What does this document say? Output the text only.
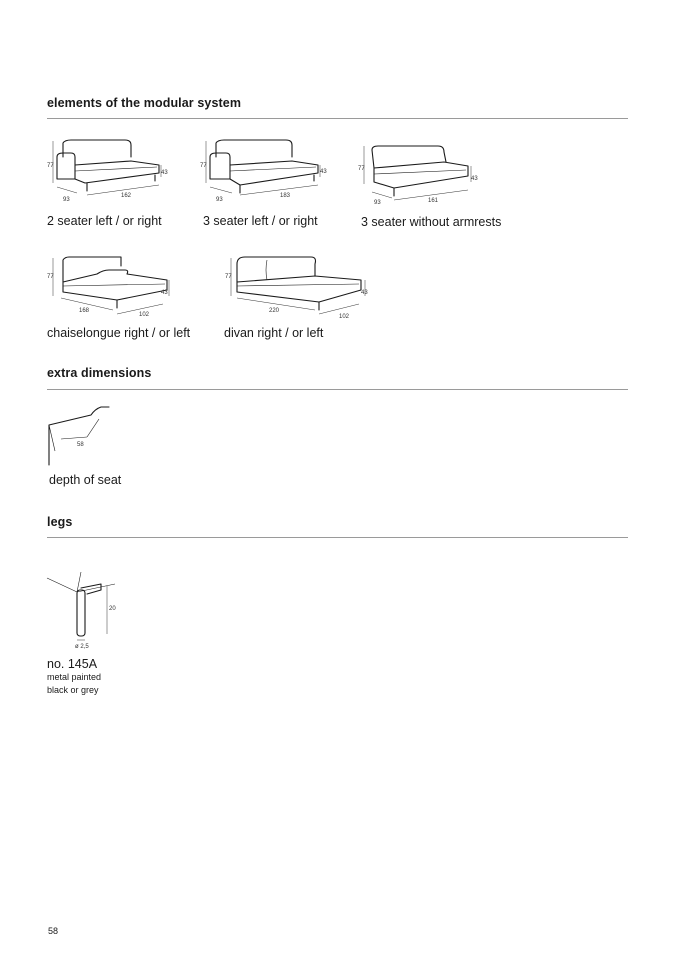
elements of the modular system
77
43
93
162
2 seater left / or right
77
43
93
183
3 seater left / or right
77
43
93	161
3 seater without armrests
77
43
168
102
chaiselongue right / or left
77
43
220
102
divan right / or left
extra dimensions
58
depth of seat
legs
20
ø 2,5
no. 145A
metal painted
black or grey
58
